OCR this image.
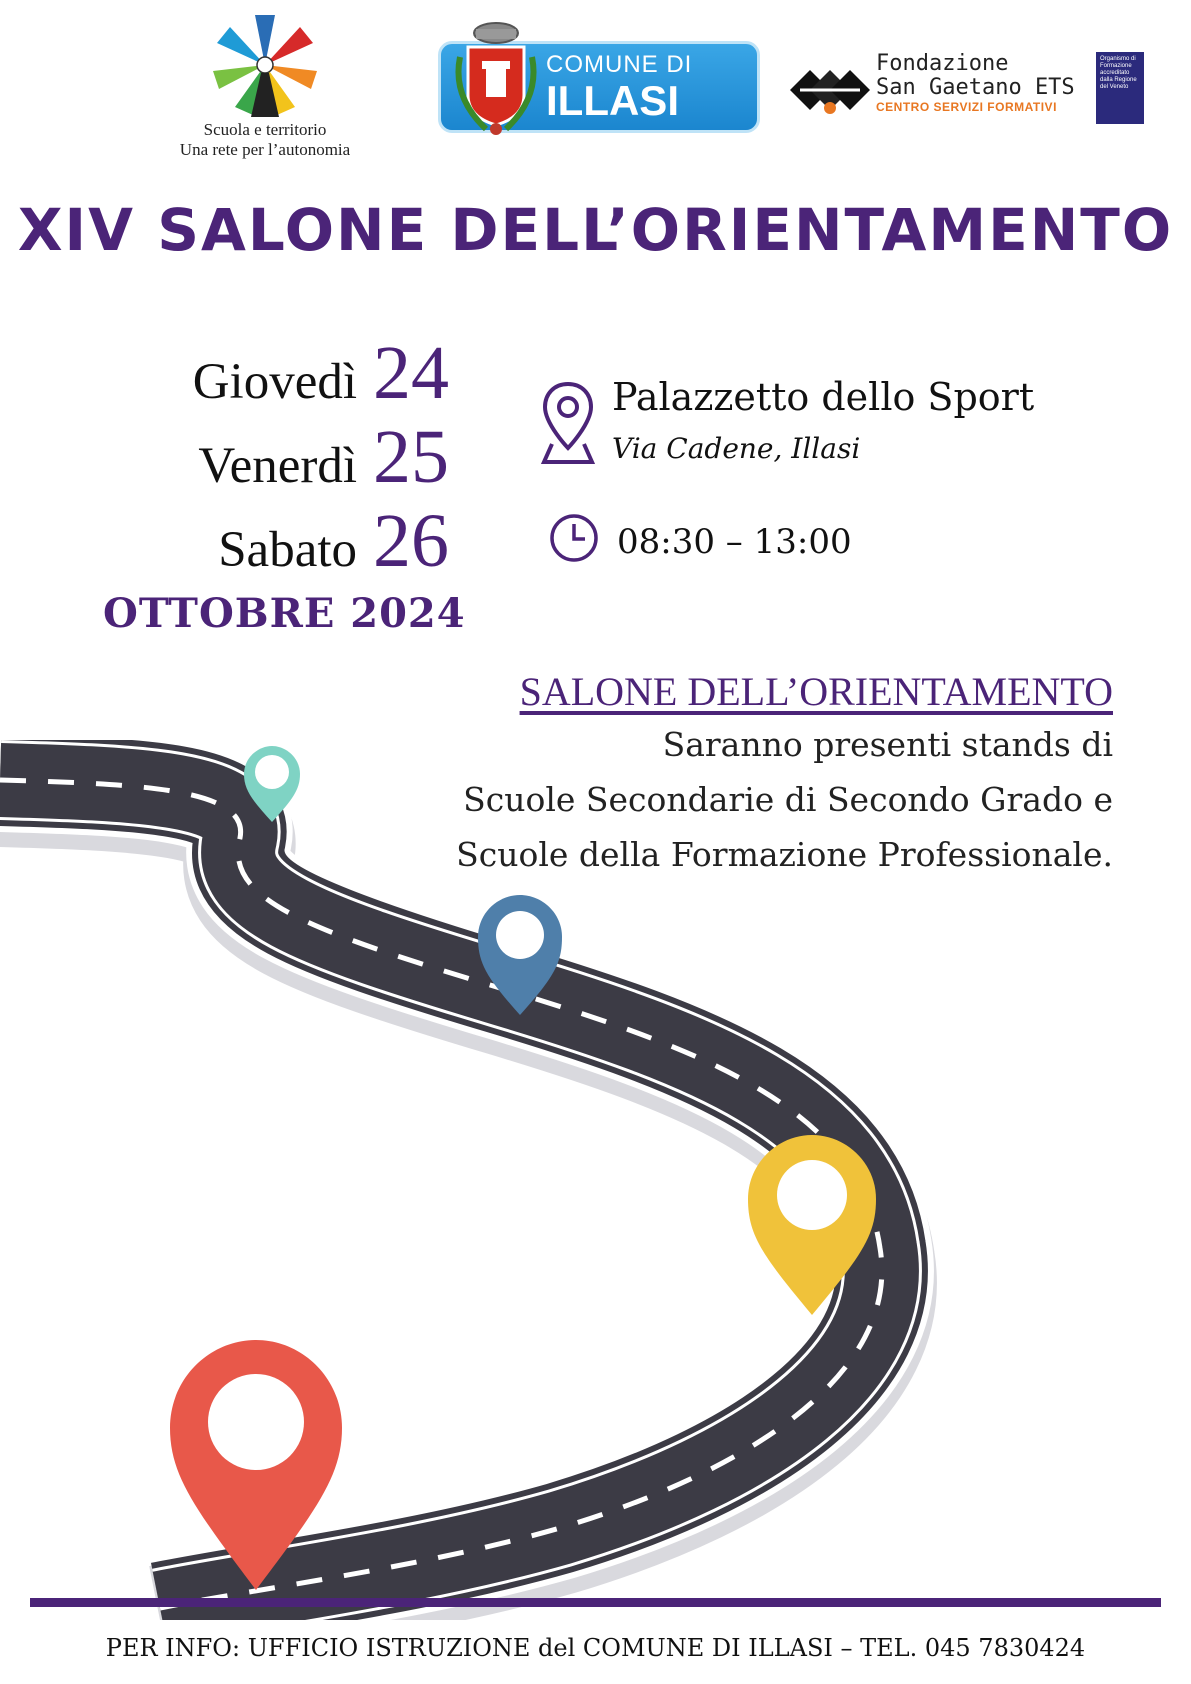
Scuola e territorio
Una rete per l’autonomia
COMUNE DI
ILLASI
Fondazione
San Gaetano ETS
CENTRO SERVIZI FORMATIVI
Organismo di Formazione accreditato dalla Regione del Veneto
XIV SALONE DELL’ORIENTAMENTO
Giovedì 24
Venerdì 25
Sabato 26
OTTOBRE 2024
Palazzetto dello Sport
Via Cadene, Illasi
08:30 – 13:00
SALONE DELL’ORIENTAMENTO
Saranno presenti stands di
Scuole Secondarie di Secondo Grado e
Scuole della Formazione Professionale.
PER INFO: UFFICIO ISTRUZIONE del COMUNE DI ILLASI – TEL. 045 7830424
